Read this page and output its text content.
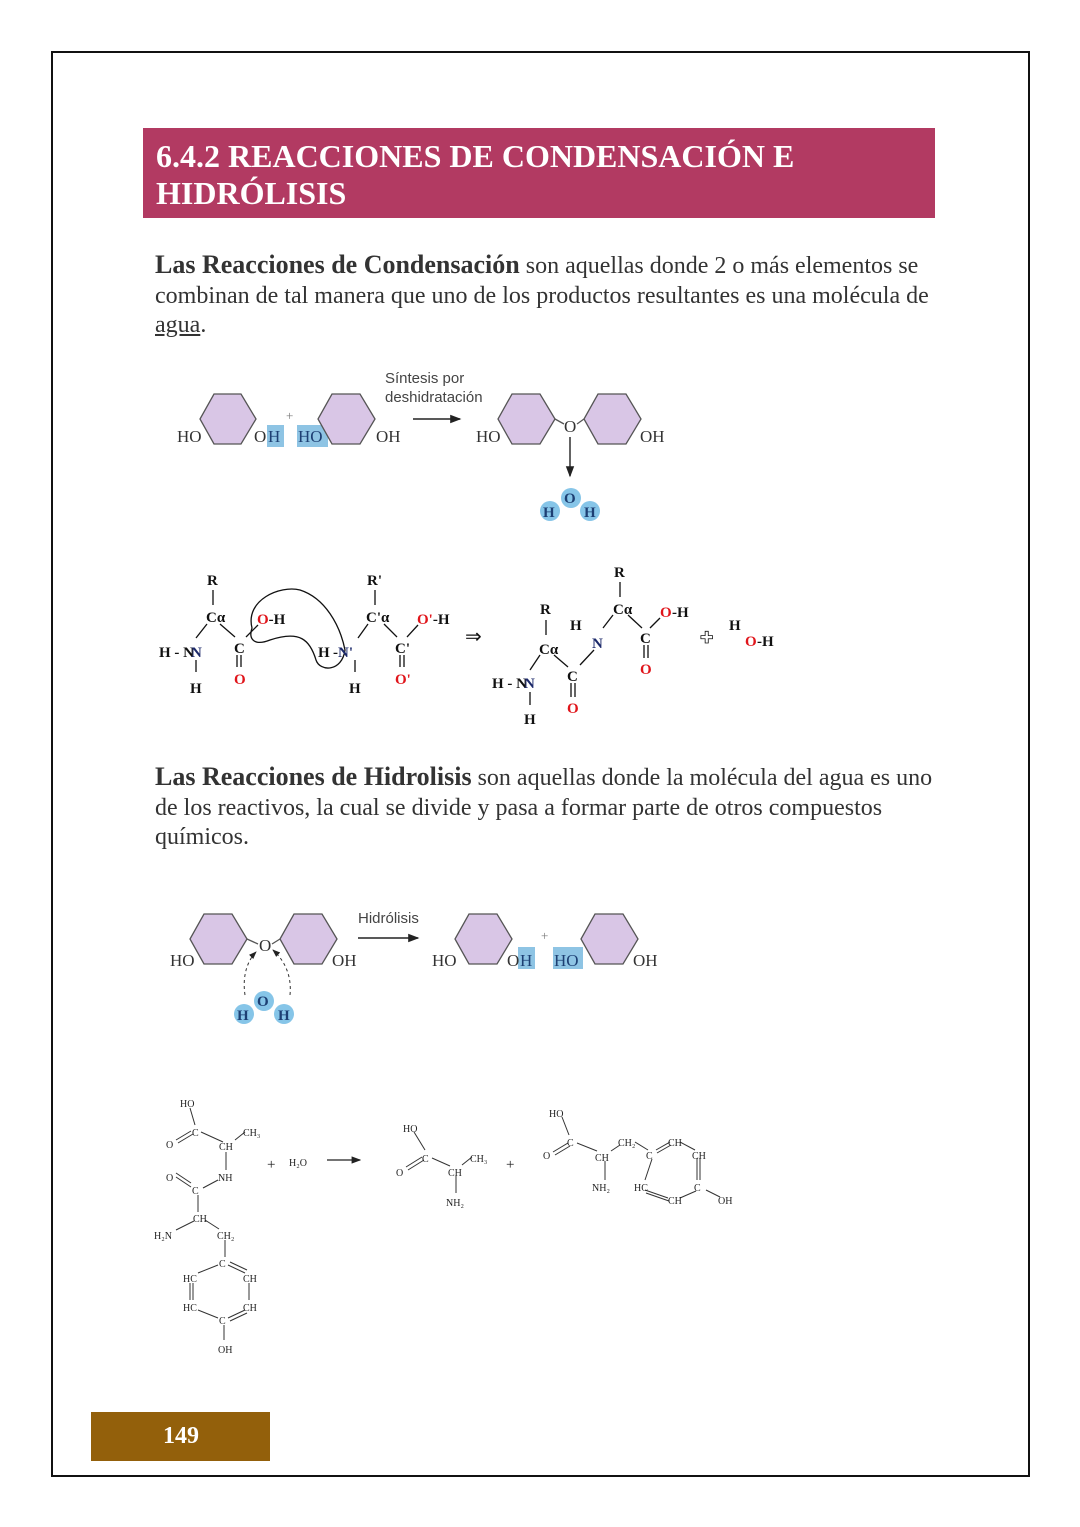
6.4.2 REACCIONES DE CONDENSACIÓN E
HIDRÓLISIS
Las Reacciones de Condensación son aquellas donde 2 o más elementos se combinan de tal manera que uno de los productos resultantes es una molécula de agua.
Las Reacciones de Hidrolisis son aquellas donde la molécula del agua es uno de los reactivos, la cual se divide y pasa a formar parte de otros compuestos químicos.
HO	O H HO	OH	HO
O
OH
+
Síntesis por
deshidratación
H
O
H
R
Cα
H - N
N
H
C
O
H - N'
H
R'
C'α
C'
O'
⇒
R
Cα O -H
C
O
R
Cα
H
N
C
O
H - N
N
H
✚
H
O -H
HO
O
OH	HO	O H HO	OH
+
Hidrólisis
H
O
H
HO
C
O	CH
CH₃
NH
O
C
CH
H₂N	CH₂
C
HC	CH
HC	CH
C
OH
+ H₂O
HO
C
O	CH
CH₃
NH₂
+
HO
C
O	CH
CH₂
C
CH
CH
HC	C
CH	OH
NH₂
O-H	O'-H
149
